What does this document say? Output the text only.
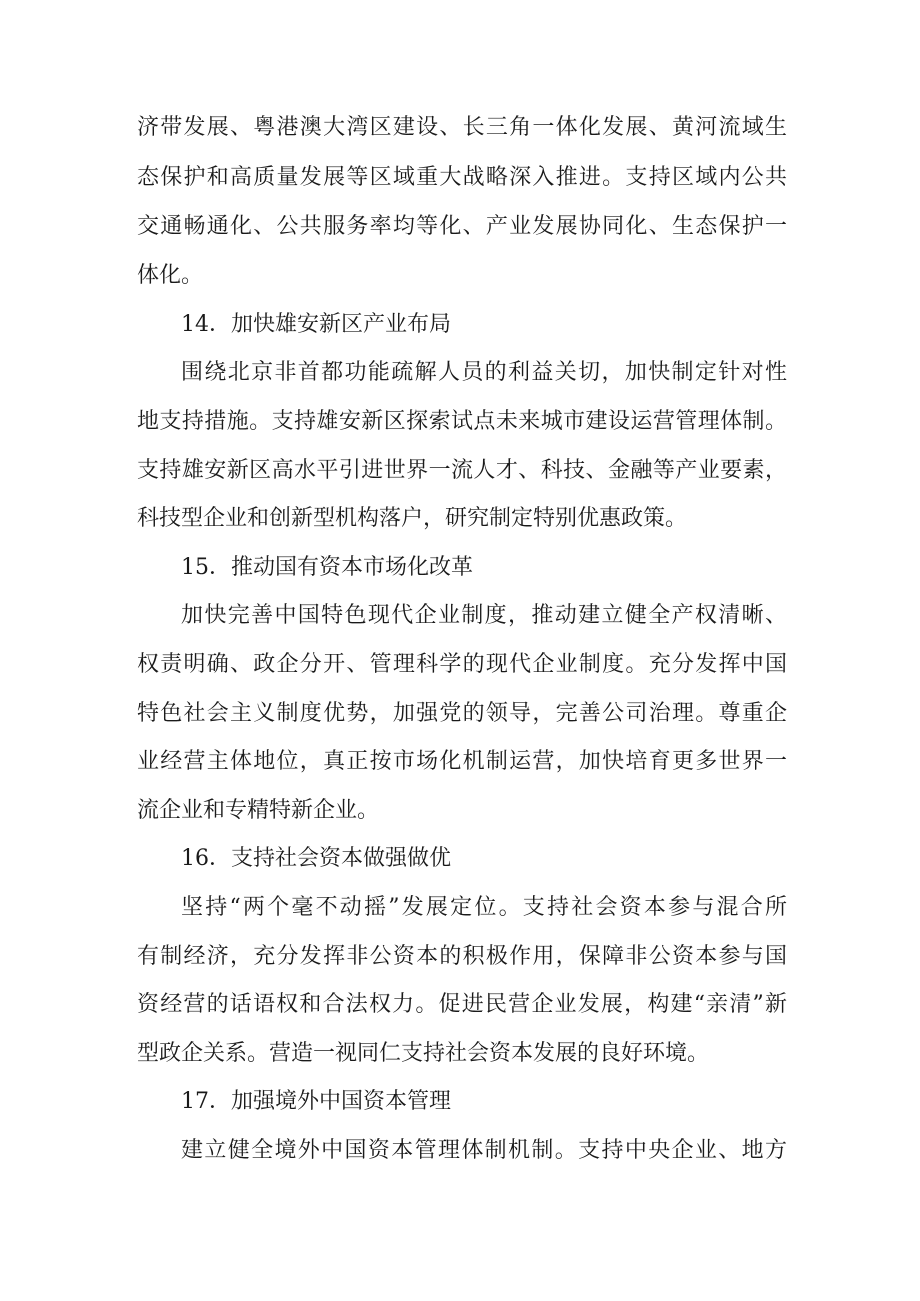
济带发展、粤港澳大湾区建设、长三角一体化发展、黄河流域生
态保护和高质量发展等区域重大战略深入推进。支持区域内公共
交通畅通化、公共服务率均等化、产业发展协同化、生态保护一
体化。
14．加快雄安新区产业布局
围绕北京非首都功能疏解人员的利益关切，加快制定针对性
地支持措施。支持雄安新区探索试点未来城市建设运营管理体制。
支持雄安新区高水平引进世界一流人才、科技、金融等产业要素，
科技型企业和创新型机构落户，研究制定特别优惠政策。
15．推动国有资本市场化改革
加快完善中国特色现代企业制度，推动建立健全产权清晰、
权责明确、政企分开、管理科学的现代企业制度。充分发挥中国
特色社会主义制度优势，加强党的领导，完善公司治理。尊重企
业经营主体地位，真正按市场化机制运营，加快培育更多世界一
流企业和专精特新企业。
16．支持社会资本做强做优
坚持“两个毫不动摇”发展定位。支持社会资本参与混合所
有制经济，充分发挥非公资本的积极作用，保障非公资本参与国
资经营的话语权和合法权力。促进民营企业发展，构建“亲清”新
型政企关系。营造一视同仁支持社会资本发展的良好环境。
17．加强境外中国资本管理
建立健全境外中国资本管理体制机制。支持中央企业、地方
